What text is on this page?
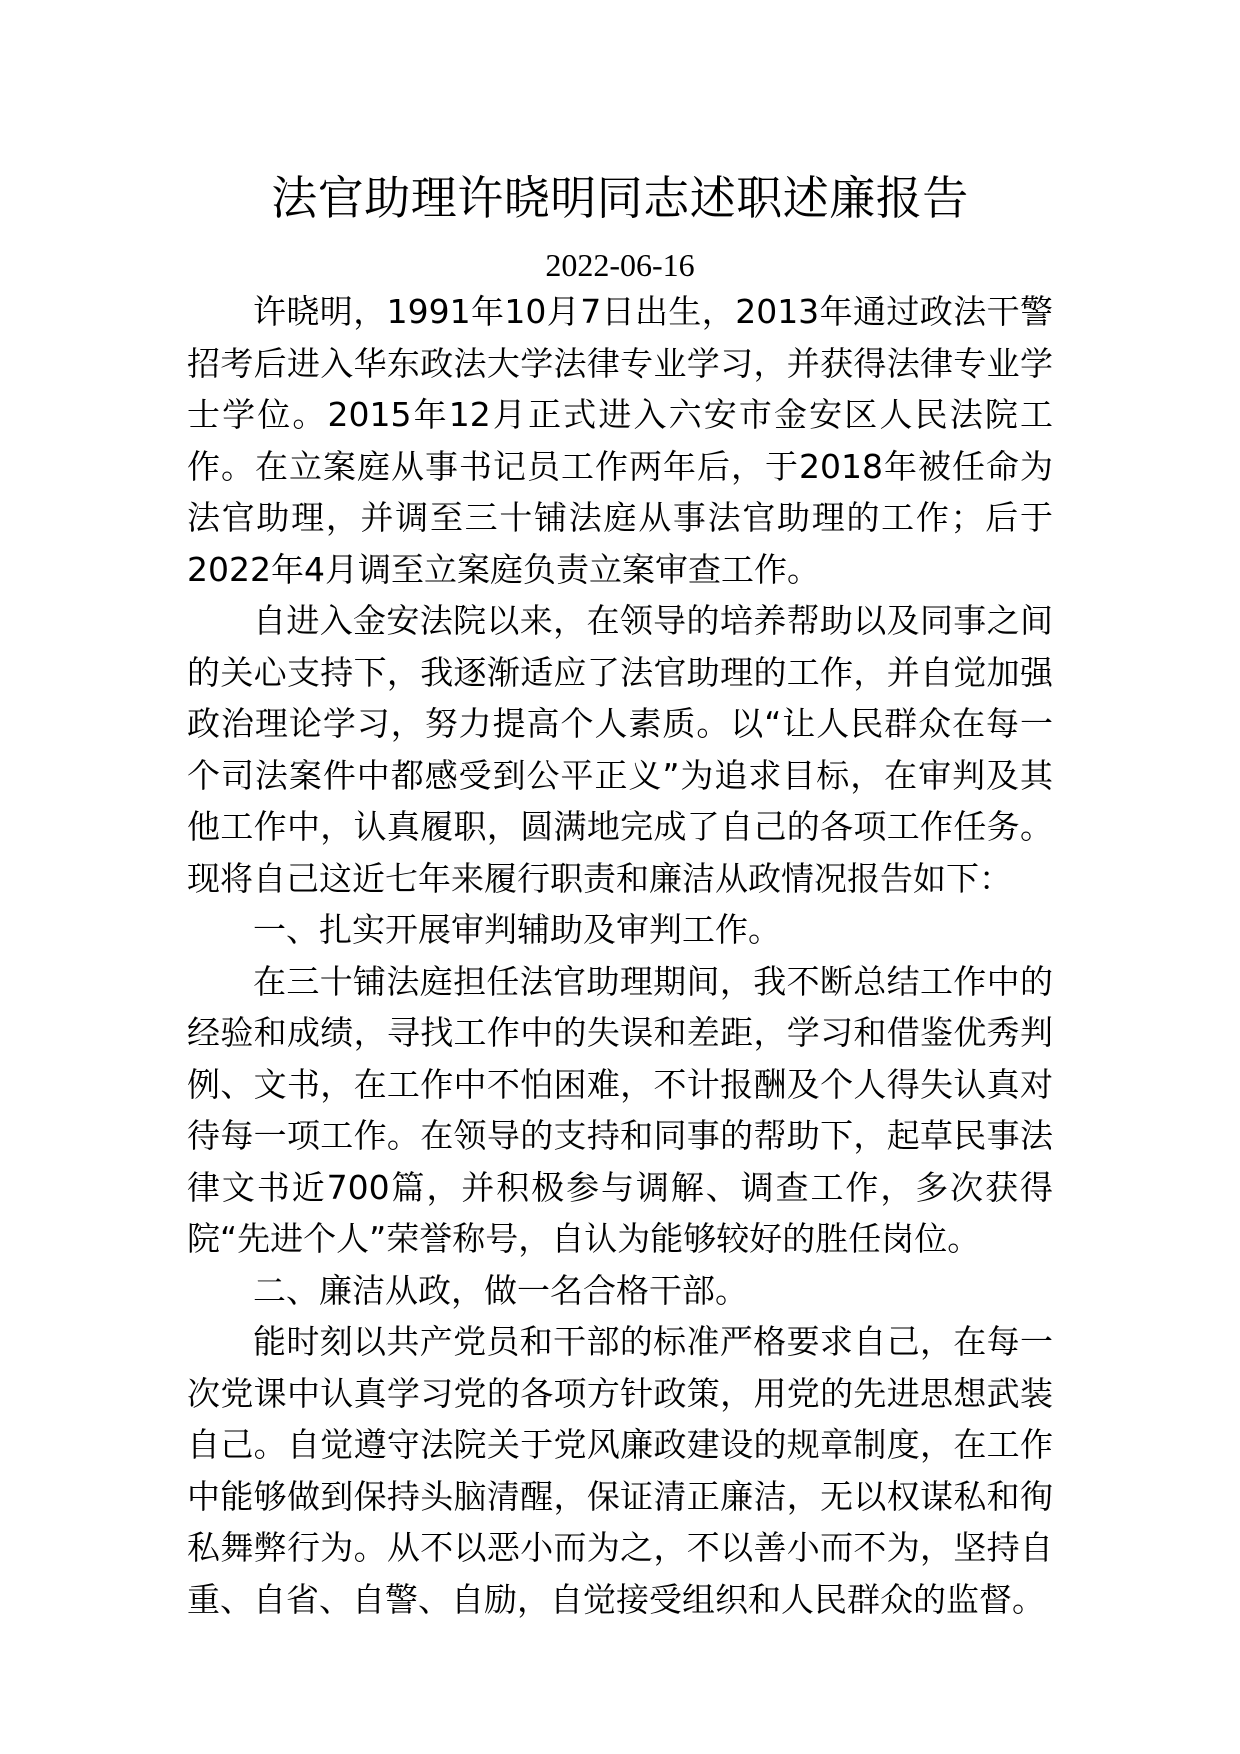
法官助理许晓明同志述职述廉报告
2022-06-16

许晓明，1991年10月7日出生，2013年通过政法干警招考后进入华东政法大学法律专业学习，并获得法律专业学士学位。2015年12月正式进入六安市金安区人民法院工作。在立案庭从事书记员工作两年后，于2018年被任命为法官助理，并调至三十铺法庭从事法官助理的工作；后于2022年4月调至立案庭负责立案审查工作。

自进入金安法院以来，在领导的培养帮助以及同事之间的关心支持下，我逐渐适应了法官助理的工作，并自觉加强政治理论学习，努力提高个人素质。以“让人民群众在每一个司法案件中都感受到公平正义”为追求目标，在审判及其他工作中，认真履职，圆满地完成了自己的各项工作任务。现将自己这近七年来履行职责和廉洁从政情况报告如下：

一、扎实开展审判辅助及审判工作。

在三十铺法庭担任法官助理期间，我不断总结工作中的经验和成绩，寻找工作中的失误和差距，学习和借鉴优秀判例、文书，在工作中不怕困难，不计报酬及个人得失认真对待每一项工作。在领导的支持和同事的帮助下，起草民事法律文书近700篇，并积极参与调解、调查工作，多次获得院“先进个人”荣誉称号，自认为能够较好的胜任岗位。

二、廉洁从政，做一名合格干部。

能时刻以共产党员和干部的标准严格要求自己，在每一次党课中认真学习党的各项方针政策，用党的先进思想武装自己。自觉遵守法院关于党风廉政建设的规章制度，在工作中能够做到保持头脑清醒，保证清正廉洁，无以权谋私和徇私舞弊行为。从不以恶小而为之，不以善小而不为，坚持自重、自省、自警、自励，自觉接受组织和人民群众的监督。
